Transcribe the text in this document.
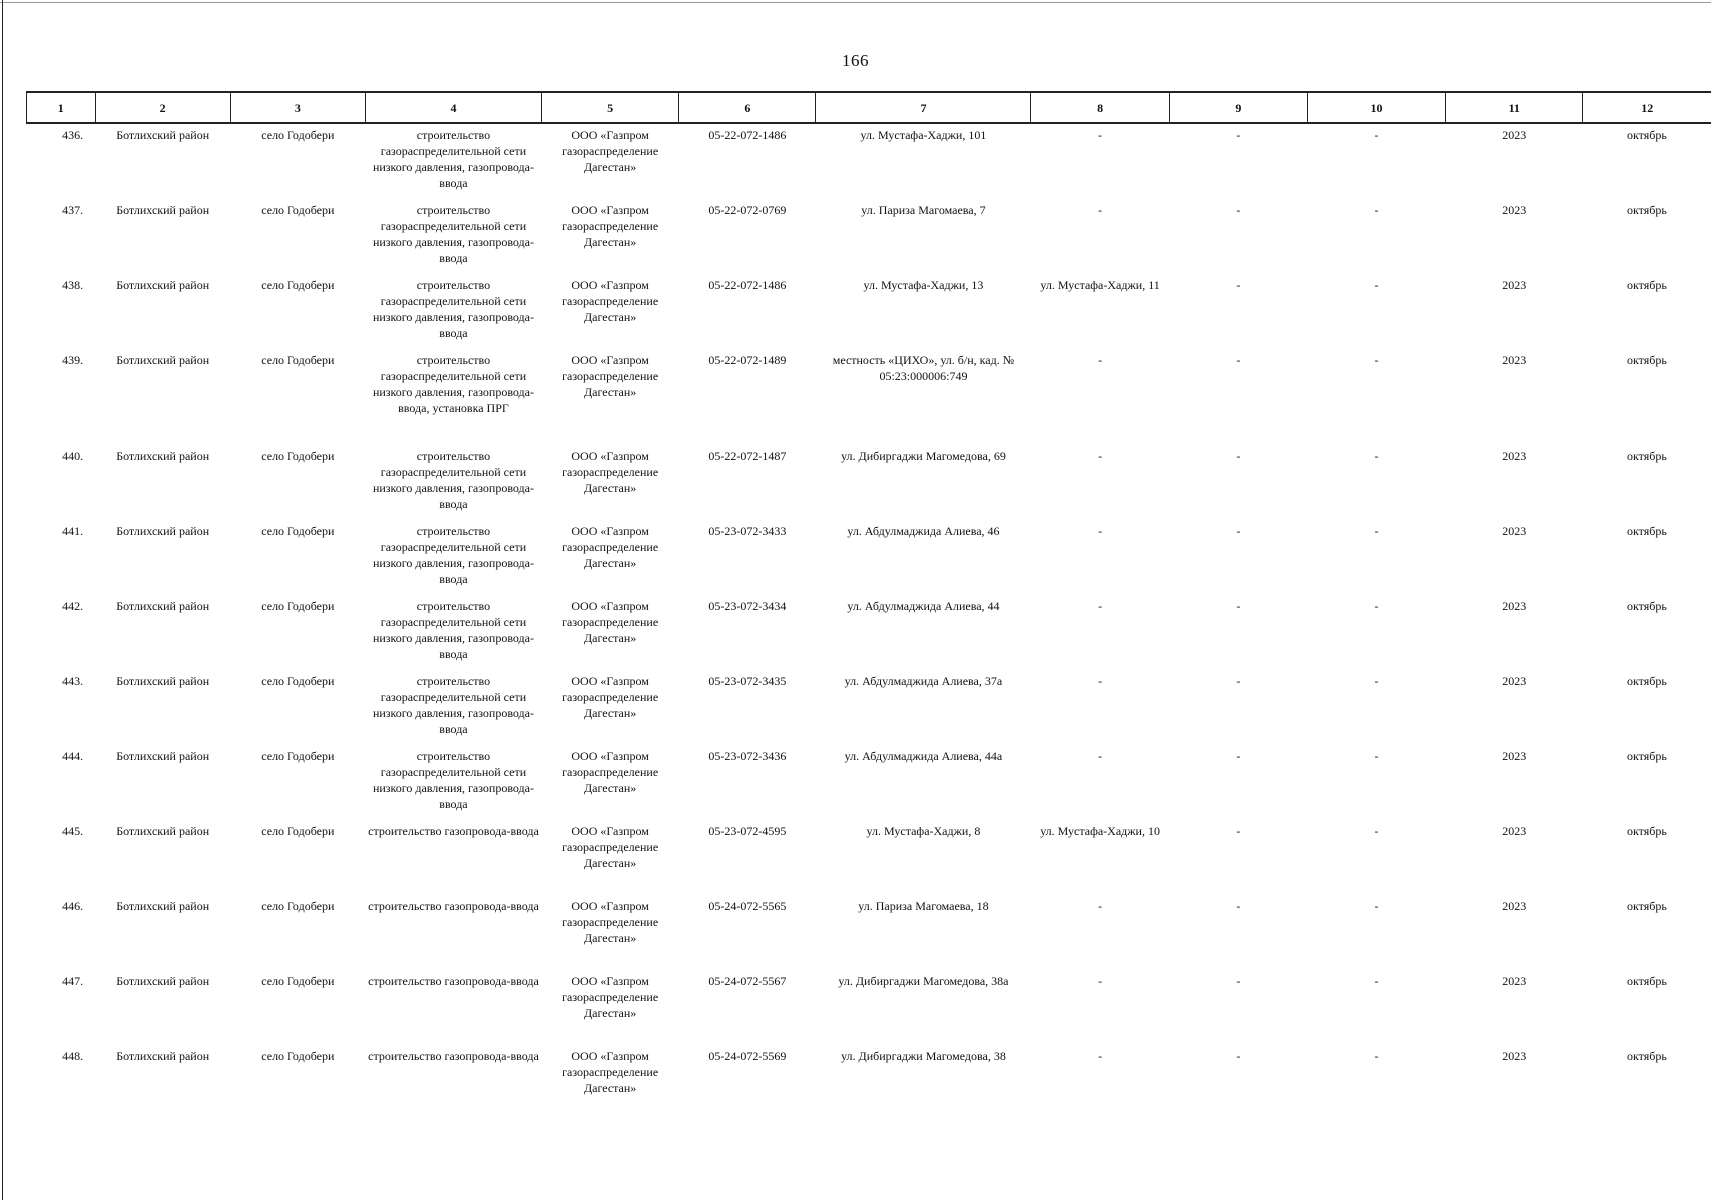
166
1	2	3	4	5	6	7	8	9	10	11	12
436.	Ботлихский район	село Годобери	строительство газораспределительной сети низкого давления, газопровода-ввода	ООО «Газпром газораспределение Дагестан»	05-22-072-1486	ул. Мустафа-Хаджи, 101	-	-	-	2023	октябрь
437.	Ботлихский район	село Годобери	строительство газораспределительной сети низкого давления, газопровода-ввода	ООО «Газпром газораспределение Дагестан»	05-22-072-0769	ул. Париза Магомаева, 7	-	-	-	2023	октябрь
438.	Ботлихский район	село Годобери	строительство газораспределительной сети низкого давления, газопровода-ввода	ООО «Газпром газораспределение Дагестан»	05-22-072-1486	ул. Мустафа-Хаджи, 13	ул. Мустафа-Хаджи, 11	-	-	2023	октябрь
439.	Ботлихский район	село Годобери	строительство газораспределительной сети низкого давления, газопровода-ввода, установка ПРГ	ООО «Газпром газораспределение Дагестан»	05-22-072-1489	местность «ЦИХО», ул. б/н, кад. № 05:23:000006:749	-	-	-	2023	октябрь
440.	Ботлихский район	село Годобери	строительство газораспределительной сети низкого давления, газопровода-ввода	ООО «Газпром газораспределение Дагестан»	05-22-072-1487	ул. Дибиргаджи Магомедова, 69	-	-	-	2023	октябрь
441.	Ботлихский район	село Годобери	строительство газораспределительной сети низкого давления, газопровода-ввода	ООО «Газпром газораспределение Дагестан»	05-23-072-3433	ул. Абдулмаджида Алиева, 46	-	-	-	2023	октябрь
442.	Ботлихский район	село Годобери	строительство газораспределительной сети низкого давления, газопровода-ввода	ООО «Газпром газораспределение Дагестан»	05-23-072-3434	ул. Абдулмаджида Алиева, 44	-	-	-	2023	октябрь
443.	Ботлихский район	село Годобери	строительство газораспределительной сети низкого давления, газопровода-ввода	ООО «Газпром газораспределение Дагестан»	05-23-072-3435	ул. Абдулмаджида Алиева, 37а	-	-	-	2023	октябрь
444.	Ботлихский район	село Годобери	строительство газораспределительной сети низкого давления, газопровода-ввода	ООО «Газпром газораспределение Дагестан»	05-23-072-3436	ул. Абдулмаджида Алиева, 44а	-	-	-	2023	октябрь
445.	Ботлихский район	село Годобери	строительство газопровода-ввода	ООО «Газпром газораспределение Дагестан»	05-23-072-4595	ул. Мустафа-Хаджи, 8	ул. Мустафа-Хаджи, 10	-	-	2023	октябрь
446.	Ботлихский район	село Годобери	строительство газопровода-ввода	ООО «Газпром газораспределение Дагестан»	05-24-072-5565	ул. Париза Магомаева, 18	-	-	-	2023	октябрь
447.	Ботлихский район	село Годобери	строительство газопровода-ввода	ООО «Газпром газораспределение Дагестан»	05-24-072-5567	ул. Дибиргаджи Магомедова, 38а	-	-	-	2023	октябрь
448.	Ботлихский район	село Годобери	строительство газопровода-ввода	ООО «Газпром газораспределение Дагестан»	05-24-072-5569	ул. Дибиргаджи Магомедова, 38	-	-	-	2023	октябрь
